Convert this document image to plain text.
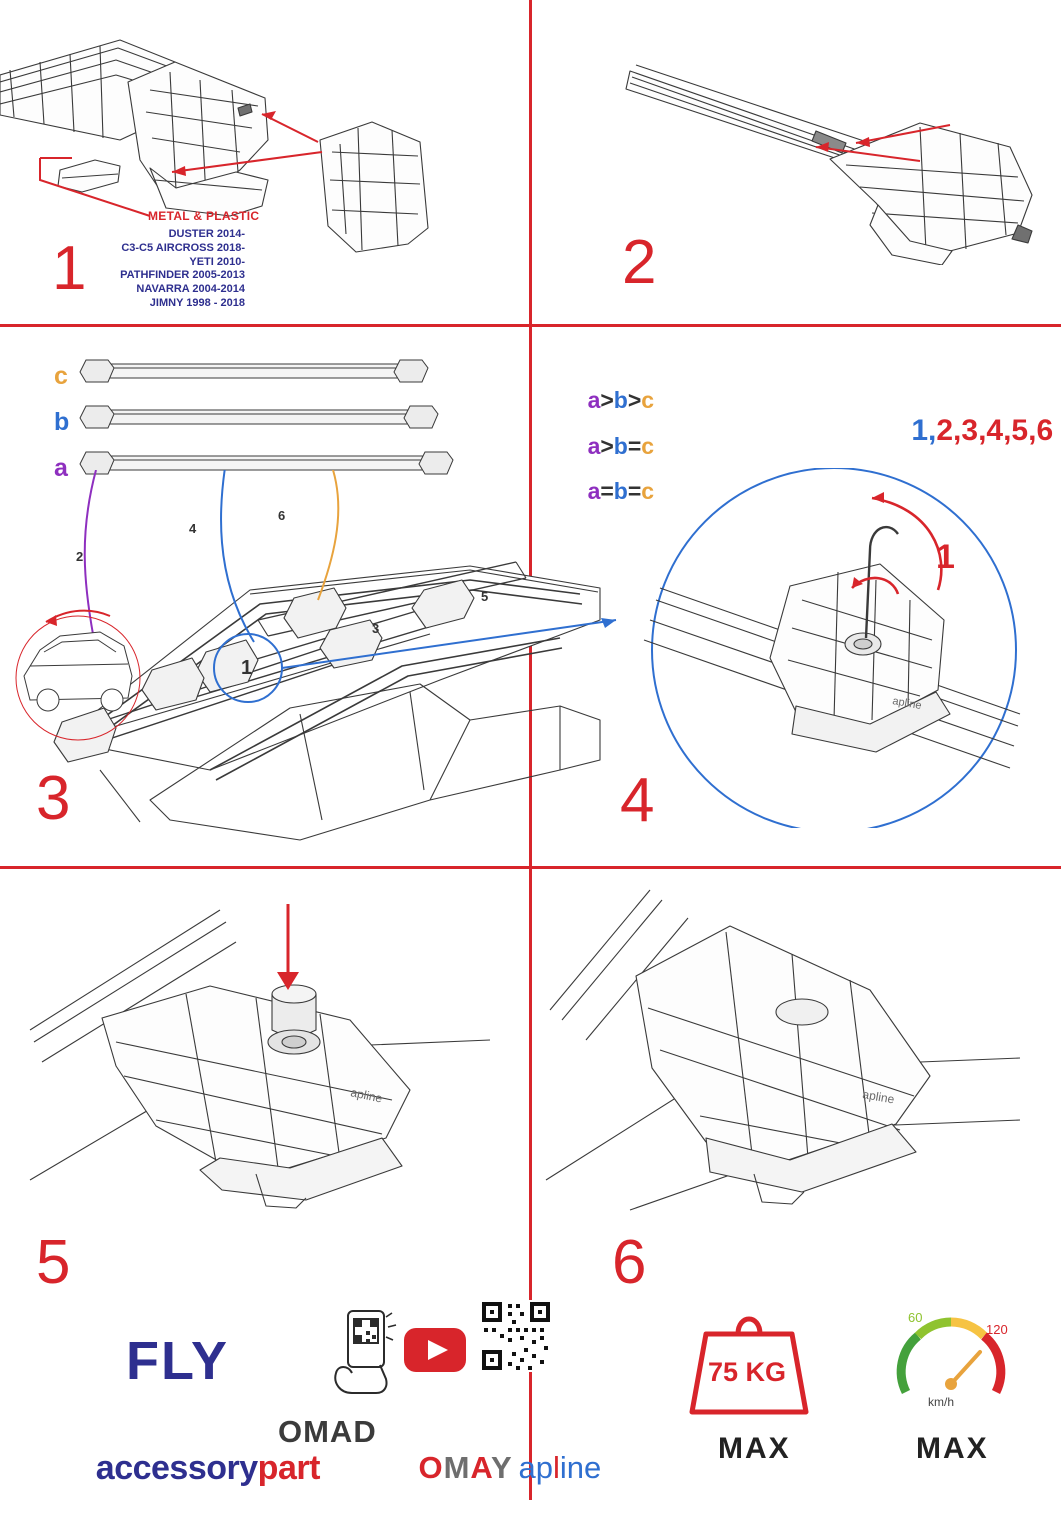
METAL & PLASTIC
DUSTER 2014-
C3-C5 AIRCROSS 2018-
YETI 2010-
PATHFINDER 2005-2013
NAVARRA 2004-2014
JIMNY 1998 - 2018
1	2
c
b
a

a>b>c

a>b=c

a=b=c

2
4
6
5
3
1
3
apline

1,2,3,4,5,6

1
4
apline
5
apline
6
FLY

accessorypart

OMAD

OMAY
apline

75 KG
MAX
60
120
km/h
MAX
